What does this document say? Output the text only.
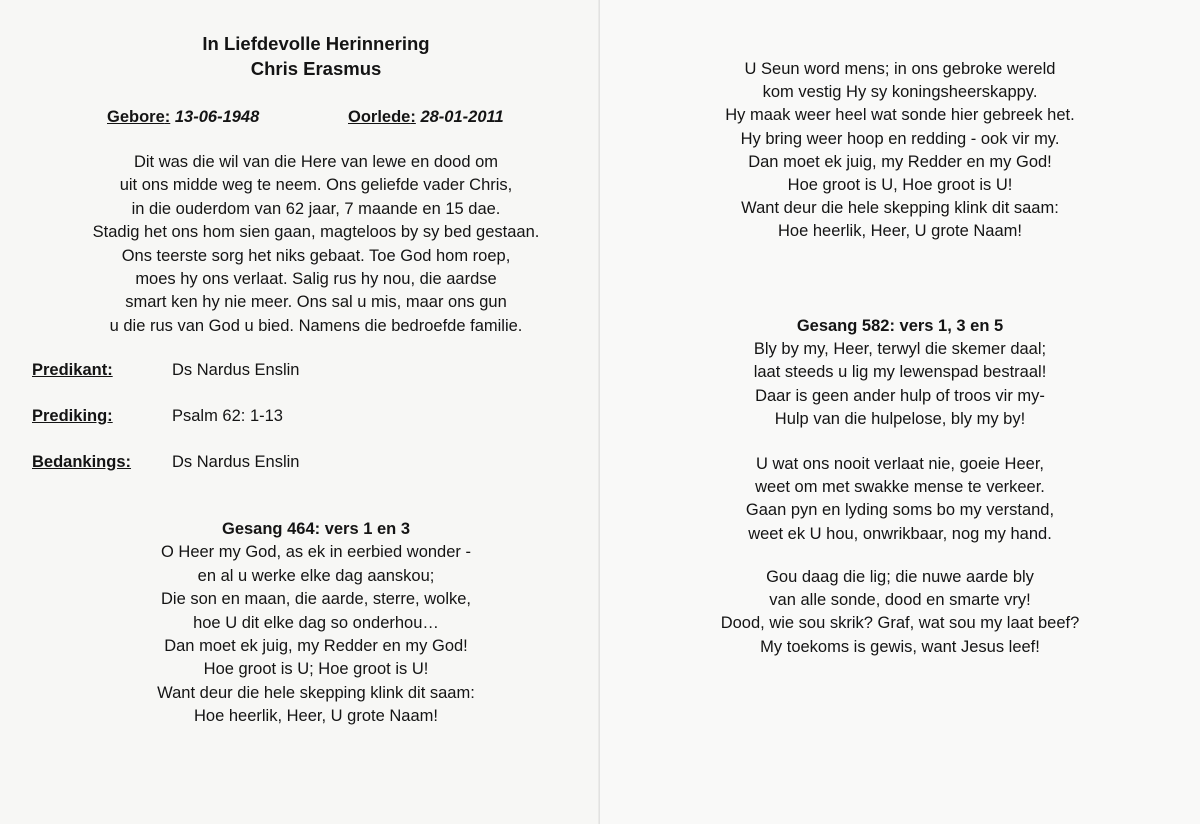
In Liefdevolle Herinnering
Chris Erasmus
Gebore: 13-06-1948	Oorlede: 28-01-2011
Dit was die wil van die Here van lewe en dood om
uit ons midde weg te neem. Ons geliefde vader Chris,
in die ouderdom van 62 jaar, 7 maande en 15 dae.
Stadig het ons hom sien gaan, magteloos by sy bed gestaan.
Ons teerste sorg het niks gebaat. Toe God hom roep,
moes hy ons verlaat. Salig rus hy nou, die aardse
smart ken hy nie meer. Ons sal u mis, maar ons gun
u die rus van God u bied. Namens die bedroefde familie.
Predikant:	Ds Nardus Enslin
Prediking:	Psalm 62: 1-13
Bedankings: Ds Nardus Enslin
Gesang 464: vers 1 en 3
O Heer my God, as ek in eerbied wonder -
en al u werke elke dag aanskou;
Die son en maan, die aarde, sterre, wolke,
hoe U dit elke dag so onderhou…
Dan moet ek juig, my Redder en my God!
Hoe groot is U; Hoe groot is U!
Want deur die hele skepping klink dit saam:
Hoe heerlik, Heer, U grote Naam!
U Seun word mens; in ons gebroke wereld
kom vestig Hy sy koningsheerskappy.
Hy maak weer heel wat sonde hier gebreek het.
Hy bring weer hoop en redding - ook vir my.
Dan moet ek juig, my Redder en my God!
Hoe groot is U, Hoe groot is U!
Want deur die hele skepping klink dit saam:
Hoe heerlik, Heer, U grote Naam!
Gesang 582: vers 1, 3 en 5
Bly by my, Heer, terwyl die skemer daal;
laat steeds u lig my lewenspad bestraal!
Daar is geen ander hulp of troos vir my-
Hulp van die hulpelose, bly my by!
U wat ons nooit verlaat nie, goeie Heer,
weet om met swakke mense te verkeer.
Gaan pyn en lyding soms bo my verstand,
weet ek U hou, onwrikbaar, nog my hand.
Gou daag die lig; die nuwe aarde bly
van alle sonde, dood en smarte vry!
Dood, wie sou skrik? Graf, wat sou my laat beef?
My toekoms is gewis, want Jesus leef!
